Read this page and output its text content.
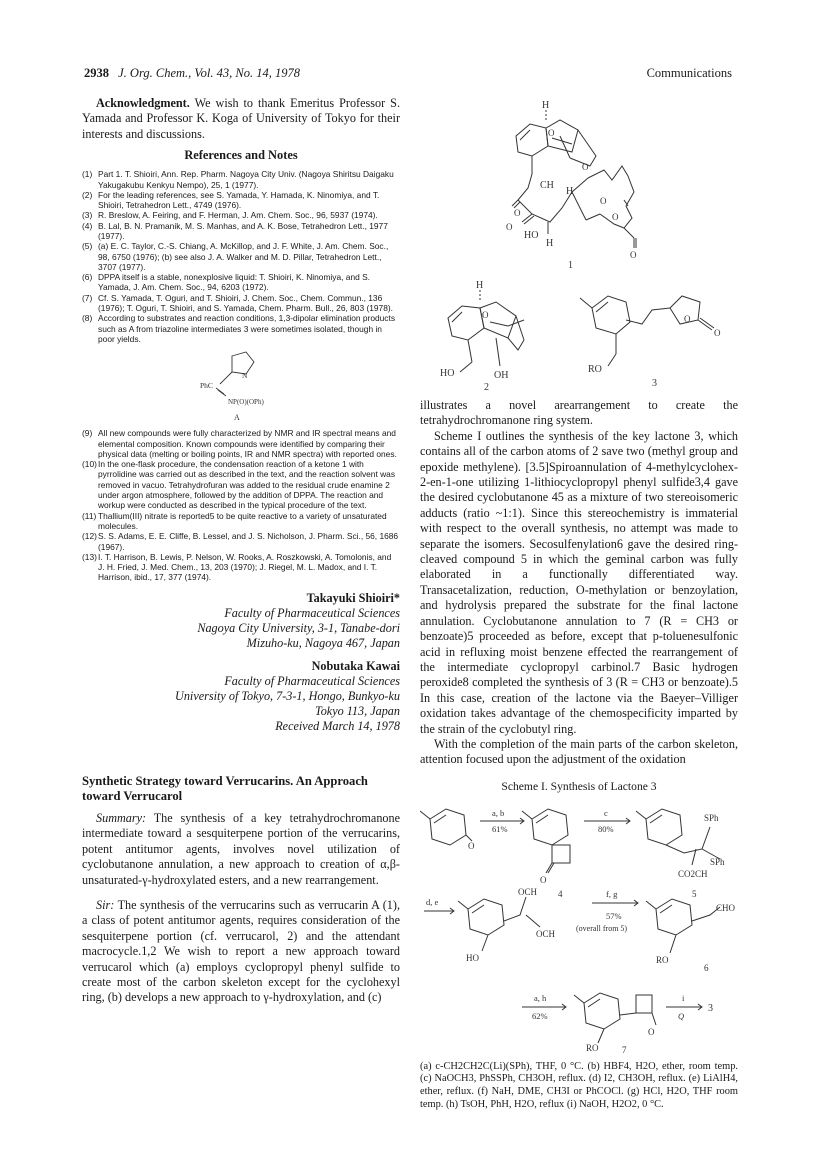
2938 J. Org. Chem., Vol. 43, No. 14, 1978	Communications

Acknowledgment. We wish to thank Emeritus Professor S. Yamada and Professor K. Koga of University of Tokyo for their interests and discussions.

References and Notes
(1) Part 1. T. Shioiri, Ann. Rep. Pharm. Nagoya City Univ. (Nagoya Shiritsu Daigaku Yakugakubu Kenkyu Nempo), 25, 1 (1977).
(2) For the leading references, see S. Yamada, Y. Hamada, K. Ninomiya, and T. Shioiri, Tetrahedron Lett., 4749 (1976).
(3) R. Breslow, A. Feiring, and F. Herman, J. Am. Chem. Soc., 96, 5937 (1974).
(4) B. Lal, B. N. Pramanik, M. S. Manhas, and A. K. Bose, Tetrahedron Lett., 1977 (1977).
(5) (a) E. C. Taylor, C.-S. Chiang, A. McKillop, and J. F. White, J. Am. Chem. Soc., 98, 6750 (1976); (b) see also J. A. Walker and M. D. Pillar, Tetrahedron Lett., 3707 (1977).
(6) DPPA itself is a stable, nonexplosive liquid: T. Shioiri, K. Ninomiya, and S. Yamada, J. Am. Chem. Soc., 94, 6203 (1972).
(7) Cf. S. Yamada, T. Oguri, and T. Shioiri, J. Chem. Soc., Chem. Commun., 136 (1976); T. Oguri, T. Shioiri, and S. Yamada, Chem. Pharm. Bull., 26, 803 (1978).
(8) According to substrates and reaction conditions, 1,3-dipolar elimination products such as A from triazoline intermediates 3 were sometimes isolated, though in poor yields.
PhC
N
NP(O)(OPh)
A
(9) All new compounds were fully characterized by NMR and IR spectral means and elemental composition. Known compounds were identified by comparing their physical data (melting or boiling points, IR and NMR spectra) with reported ones.
(10) In the one-flask procedure, the condensation reaction of a ketone 1 with pyrrolidine was carried out as described in the text, and the reaction solvent was removed in vacuo. Tetrahydrofuran was added to the residual crude enamine 2 under argon atmosphere, followed by the addition of DPPA. The reaction and workup were conducted as described in the typical procedure of the text.
(11) Thallium(III) nitrate is reported5 to be quite reactive to a variety of unsaturated molecules.
(12) S. S. Adams, E. E. Cliffe, B. Lessel, and J. S. Nicholson, J. Pharm. Sci., 56, 1686 (1967).
(13) I. T. Harrison, B. Lewis, P. Nelson, W. Rooks, A. Roszkowski, A. Tomolonis, and J. H. Fried, J. Med. Chem., 13, 203 (1970); J. Riegel, M. L. Madox, and I. T. Harrison, ibid., 17, 377 (1974).
Takayuki Shioiri*
Faculty of Pharmaceutical Sciences
Nagoya City University, 3-1, Tanabe-dori
Mizuho-ku, Nagoya 467, Japan
Nobutaka Kawai
Faculty of Pharmaceutical Sciences
University of Tokyo, 7-3-1, Hongo, Bunkyo-ku
Tokyo 113, Japan
Received March 14, 1978
Synthetic Strategy toward Verrucarins. An Approach toward Verrucarol

Summary: The synthesis of a key tetrahydrochromanone intermediate toward a sesquiterpene portion of the verrucarins, potent antitumor agents, involves novel utilization of cyclobutanone annulation, a new approach to creation of α,β-unsaturated-γ-hydroxylated esters, and a new rearrangement.

Sir: The synthesis of the verrucarins such as verrucarin A (1), a class of potent antitumor agents, requires consideration of the sesquiterpene portion (cf. verrucarol, 2) and the attendant macrocycle.1,2 We wish to report a new approach toward verrucarol which (a) employs cyclopropyl phenyl sulfide to create most of the carbon skeleton except for the cyclohexyl ring, (b) develops a new approach to γ-hydroxylation, and (c)

H
O
O
CH
H
O
O
O
O
HO
H
O
1
H
O
HO	OH
2
O
O
RO
3

illustrates a novel arearrangement to create the tetrahydrochromanone ring system.

Scheme I outlines the synthesis of the key lactone 3, which contains all of the carbon atoms of 2 save two (methyl group and epoxide methylene). [3.5]Spiroannulation of 4-methylcyclohex-2-en-1-one utilizing 1-lithiocyclopropyl phenyl sulfide3,4 gave the desired cyclobutanone 45 as a mixture of two stereoisomeric adducts (ratio ~1:1). Since this stereochemistry is immaterial with respect to the overall synthesis, no attempt was made to separate the isomers. Secosulfenylation6 gave the desired ring-cleaved compound 5 in which the geminal carbon was fully elaborated in a functionally differentiated way. Transacetalization, reduction, O-methylation or benzoylation, and hydrolysis prepared the substrate for the final lactone annulation. Cyclobutanone annulation to 7 (R = CH3 or benzoate)5 proceeded as before, except that p-toluenesulfonic acid in refluxing moist benzene effected the rearrangement of the intermediate cyclopropyl carbinol.7 Basic hydrogen peroxide8 completed the synthesis of 3 (R = CH3 or benzoate).5 In this case, creation of the lactone via the Baeyer–Villiger oxidation takes advantage of the chemospecificity imparted by the strain of the cyclobutyl ring.

With the completion of the main parts of the carbon skeleton, attention focused upon the adjustment of the oxidation

Scheme I. Synthesis of Lactone 3
O
a, b
61%
O
4
c
80%
SPh
SPh
CO2CH
5
d, e
OCH
OCH
HO
f, g
57%
(overall from 5)
CHO
RO
6
a, h
62%
O
RO
i
Q
3
7
(a) c-CH2CH2C(Li)(SPh), THF, 0 °C. (b) HBF4, H2O, ether, room temp. (c) NaOCH3, PhSSPh, CH3OH, reflux. (d) I2, CH3OH, reflux. (e) LiAlH4, ether, reflux. (f) NaH, DME, CH3I or PhCOCl. (g) HCl, H2O, THF room temp. (h) TsOH, PhH, H2O, reflux (i) NaOH, H2O2, 0 °C.
